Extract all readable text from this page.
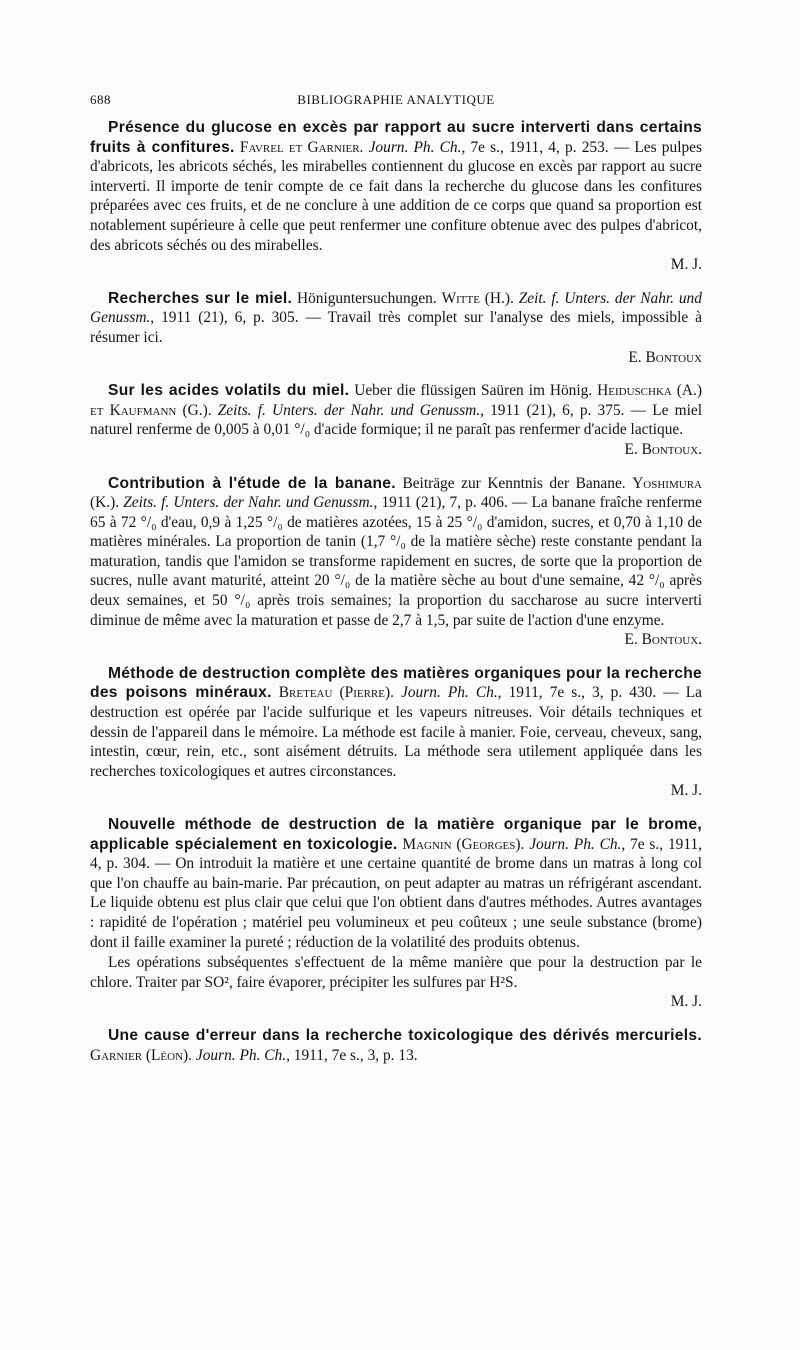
688	BIBLIOGRAPHIE ANALYTIQUE

Présence du glucose en excès par rapport au sucre interverti dans certains fruits à confitures. Favrel et Garnier. Journ. Ph. Ch., 7e s., 1911, 4, p. 253. — Les pulpes d'abricots, les abricots séchés, les mirabelles contiennent du glucose en excès par rapport au sucre interverti. Il importe de tenir compte de ce fait dans la recherche du glucose dans les confitures préparées avec ces fruits, et de ne conclure à une addition de ce corps que quand sa proportion est notablement supérieure à celle que peut renfermer une confiture obtenue avec des pulpes d'abricot, des abricots séchés ou des mirabelles.

M. J.

Recherches sur le miel. Höniguntersuchungen. Witte (H.). Zeit. f. Unters. der Nahr. und Genussm., 1911 (21), 6, p. 305. — Travail très complet sur l'analyse des miels, impossible à résumer ici.

E. Bontoux

Sur les acides volatils du miel. Ueber die flüssigen Saüren im Hönig. Heiduschka (A.) et Kaufmann (G.). Zeits. f. Unters. der Nahr. und Genussm., 1911 (21), 6, p. 375. — Le miel naturel renferme de 0,005 à 0,01 °/₀ d'acide formique; il ne paraît pas renfermer d'acide lactique.

E. Bontoux.

Contribution à l'étude de la banane. Beiträge zur Kenntnis der Banane. Yoshimura (K.). Zeits. f. Unters. der Nahr. und Genussm., 1911 (21), 7, p. 406. — La banane fraîche renferme 65 à 72 °/₀ d'eau, 0,9 à 1,25 °/₀ de matières azotées, 15 à 25 °/₀ d'amidon, sucres, et 0,70 à 1,10 de matières minérales. La proportion de tanin (1,7 °/₀ de la matière sèche) reste constante pendant la maturation, tandis que l'amidon se transforme rapidement en sucres, de sorte que la proportion de sucres, nulle avant maturité, atteint 20 °/₀ de la matière sèche au bout d'une semaine, 42 °/₀ après deux semaines, et 50 °/₀ après trois semaines; la proportion du saccharose au sucre interverti diminue de même avec la maturation et passe de 2,7 à 1,5, par suite de l'action d'une enzyme.

E. Bontoux.

Méthode de destruction complète des matières organiques pour la recherche des poisons minéraux. Breteau (Pierre). Journ. Ph. Ch., 1911, 7e s., 3, p. 430. — La destruction est opérée par l'acide sulfurique et les vapeurs nitreuses. Voir détails techniques et dessin de l'appareil dans le mémoire. La méthode est facile à manier. Foie, cerveau, cheveux, sang, intestin, cœur, rein, etc., sont aisément détruits. La méthode sera utilement appliquée dans les recherches toxicologiques et autres circonstances.

M. J.

Nouvelle méthode de destruction de la matière organique par le brome, applicable spécialement en toxicologie. Magnin (Georges). Journ. Ph. Ch., 7e s., 1911, 4, p. 304. — On introduit la matière et une certaine quantité de brome dans un matras à long col que l'on chauffe au bain-marie. Par précaution, on peut adapter au matras un réfrigérant ascendant. Le liquide obtenu est plus clair que celui que l'on obtient dans d'autres méthodes. Autres avantages : rapidité de l'opération ; matériel peu volumineux et peu coûteux ; une seule substance (brome) dont il faille examiner la pureté ; réduction de la volatilité des produits obtenus.

Les opérations subséquentes s'effectuent de la même manière que pour la destruction par le chlore. Traiter par SO², faire évaporer, précipiter les sulfures par H²S.

M. J.

Une cause d'erreur dans la recherche toxicologique des dérivés mercuriels. Garnier (Léon). Journ. Ph. Ch., 1911, 7e s., 3, p. 13.
